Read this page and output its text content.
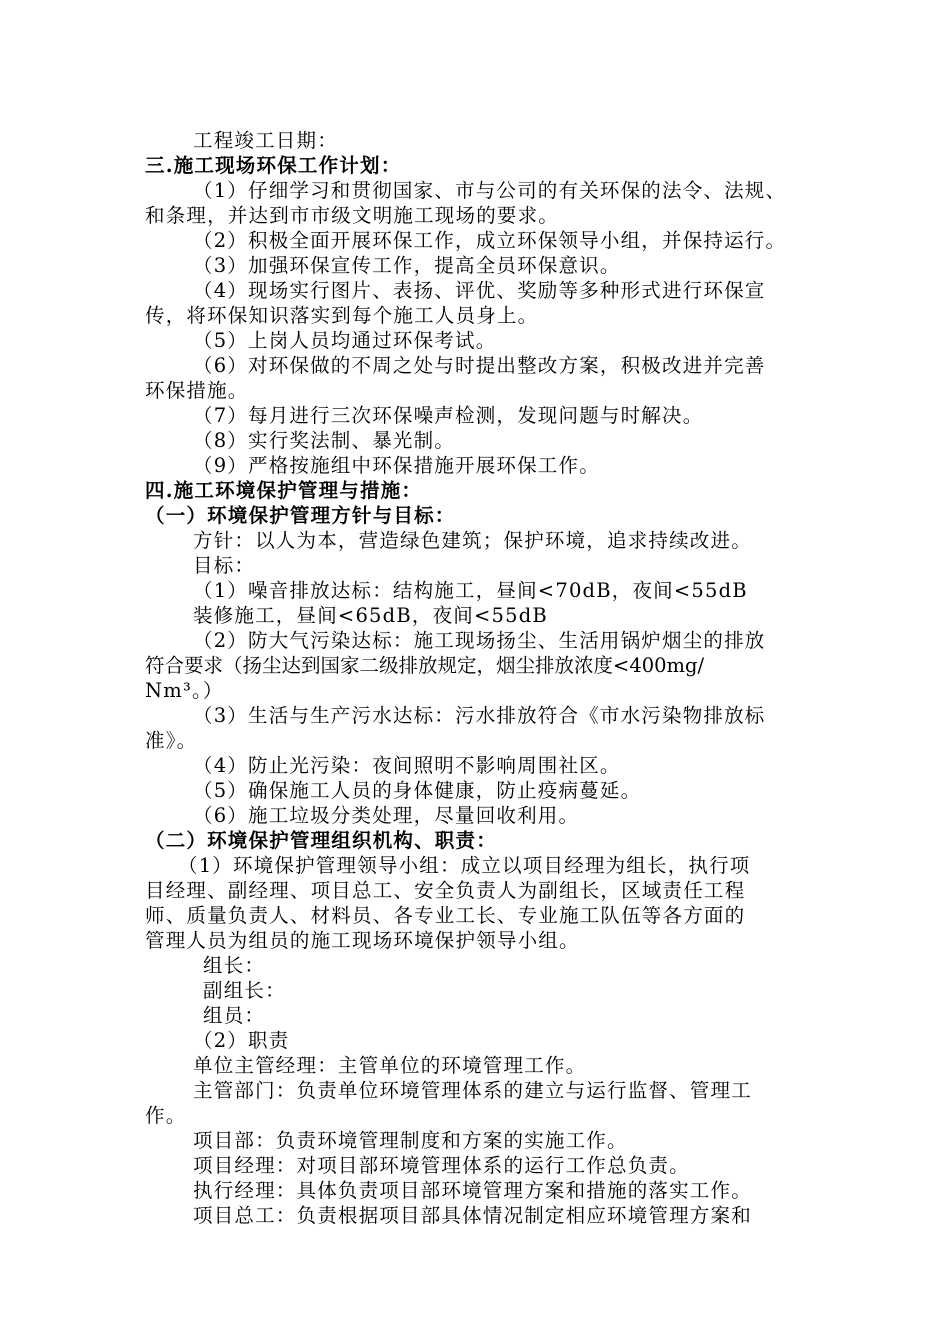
工程竣工日期：
三.施工现场环保工作计划：
（1）仔细学习和贯彻国家、市与公司的有关环保的法令、法规、
和条理，并达到市市级文明施工现场的要求。
（2）积极全面开展环保工作，成立环保领导小组，并保持运行。
（3）加强环保宣传工作，提高全员环保意识。
（4）现场实行图片、表扬、评优、奖励等多种形式进行环保宣
传，将环保知识落实到每个施工人员身上。
（5）上岗人员均通过环保考试。
（6）对环保做的不周之处与时提出整改方案，积极改进并完善
环保措施。
（7）每月进行三次环保噪声检测，发现问题与时解决。
（8）实行奖法制、暴光制。
（9）严格按施组中环保措施开展环保工作。
四.施工环境保护管理与措施：
（一）环境保护管理方针与目标：
方针：以人为本，营造绿色建筑；保护环境，追求持续改进。
目标：
（1）噪音排放达标：结构施工，昼间<70dB，夜间<55dB
装修施工，昼间<65dB，夜间<55dB
（2）防大气污染达标：施工现场扬尘、生活用锅炉烟尘的排放
符合要求（扬尘达到国家二级排放规定，烟尘排放浓度<400mg/
Nm³。）
（3）生活与生产污水达标：污水排放符合《市水污染物排放标
准》。
（4）防止光污染：夜间照明不影响周围社区。
（5）确保施工人员的身体健康，防止疫病蔓延。
（6）施工垃圾分类处理，尽量回收利用。
（二）环境保护管理组织机构、职责：
（1）环境保护管理领导小组：成立以项目经理为组长，执行项
目经理、副经理、项目总工、安全负责人为副组长，区域责任工程
师、质量负责人、材料员、各专业工长、专业施工队伍等各方面的
管理人员为组员的施工现场环境保护领导小组。
组长：
副组长：
组员：
（2）职责
单位主管经理：主管单位的环境管理工作。
主管部门：负责单位环境管理体系的建立与运行监督、管理工
作。
项目部：负责环境管理制度和方案的实施工作。
项目经理：对项目部环境管理体系的运行工作总负责。
执行经理：具体负责项目部环境管理方案和措施的落实工作。
项目总工：负责根据项目部具体情况制定相应环境管理方案和
